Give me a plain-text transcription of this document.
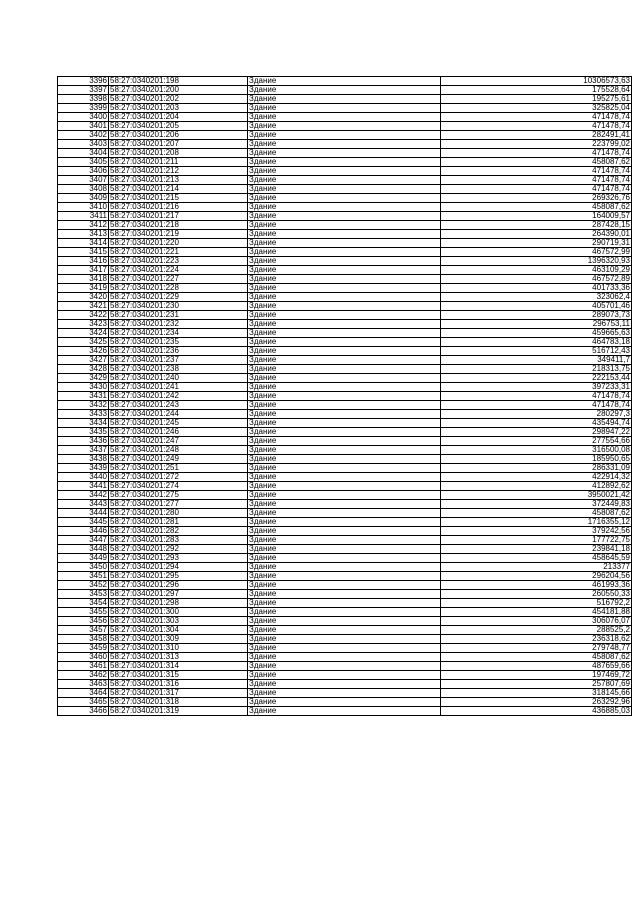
3396	58:27:0340201:198	Здание	10306573,63
3397	58:27:0340201:200	Здание	175528,64
3398	58:27:0340201:202	Здание	195275,61
3399	58:27:0340201:203	Здание	325825,04
3400	58:27:0340201:204	Здание	471478,74
3401	58:27:0340201:205	Здание	471478,74
3402	58:27:0340201:206	Здание	282491,41
3403	58:27:0340201:207	Здание	223799,02
3404	58:27:0340201:208	Здание	471478,74
3405	58:27:0340201:211	Здание	458087,62
3406	58:27:0340201:212	Здание	471478,74
3407	58:27:0340201:213	Здание	471478,74
3408	58:27:0340201:214	Здание	471478,74
3409	58:27:0340201:215	Здание	269326,76
3410	58:27:0340201:216	Здание	458087,62
3411	58:27:0340201:217	Здание	164009,57
3412	58:27:0340201:218	Здание	287428,15
3413	58:27:0340201:219	Здание	264390,01
3414	58:27:0340201:220	Здание	290719,31
3415	58:27:0340201:221	Здание	467572,99
3416	58:27:0340201:223	Здание	1396320,93
3417	58:27:0340201:224	Здание	463109,29
3418	58:27:0340201:227	Здание	467572,89
3419	58:27:0340201:228	Здание	401733,36
3420	58:27:0340201:229	Здание	323062,4
3421	58:27:0340201:230	Здание	405701,46
3422	58:27:0340201:231	Здание	289073,73
3423	58:27:0340201:232	Здание	296753,11
3424	58:27:0340201:234	Здание	459665,63
3425	58:27:0340201:235	Здание	464783,18
3426	58:27:0340201:236	Здание	516712,43
3427	58:27:0340201:237	Здание	349411,7
3428	58:27:0340201:238	Здание	218313,75
3429	58:27:0340201:240	Здание	222153,44
3430	58:27:0340201:241	Здание	397233,31
3431	58:27:0340201:242	Здание	471478,74
3432	58:27:0340201:243	Здание	471478,74
3433	58:27:0340201:244	Здание	280297,3
3434	58:27:0340201:245	Здание	435494,74
3435	58:27:0340201:246	Здание	298947,22
3436	58:27:0340201:247	Здание	277554,66
3437	58:27:0340201:248	Здание	316500,08
3438	58:27:0340201:249	Здание	185950,65
3439	58:27:0340201:251	Здание	286331,09
3440	58:27:0340201:272	Здание	422914,32
3441	58:27:0340201:274	Здание	412892,62
3442	58:27:0340201:275	Здание	3950021,42
3443	58:27:0340201:277	Здание	372449,83
3444	58:27:0340201:280	Здание	458087,62
3445	58:27:0340201:281	Здание	1716355,12
3446	58:27:0340201:282	Здание	379242,56
3447	58:27:0340201:283	Здание	177722,75
3448	58:27:0340201:292	Здание	239841,18
3449	58:27:0340201:293	Здание	458645,59
3450	58:27:0340201:294	Здание	213377
3451	58:27:0340201:295	Здание	296204,56
3452	58:27:0340201:296	Здание	461993,36
3453	58:27:0340201:297	Здание	260550,33
3454	58:27:0340201:298	Здание	516792,2
3455	58:27:0340201:300	Здание	454181,88
3456	58:27:0340201:303	Здание	306076,07
3457	58:27:0340201:304	Здание	288525,2
3458	58:27:0340201:309	Здание	236318,62
3459	58:27:0340201:310	Здание	279748,77
3460	58:27:0340201:313	Здание	458087,62
3461	58:27:0340201:314	Здание	487659,66
3462	58:27:0340201:315	Здание	197469,72
3463	58:27:0340201:316	Здание	257807,69
3464	58:27:0340201:317	Здание	318145,66
3465	58:27:0340201:318	Здание	263292,96
3466	58:27:0340201:319	Здание	436885,03
